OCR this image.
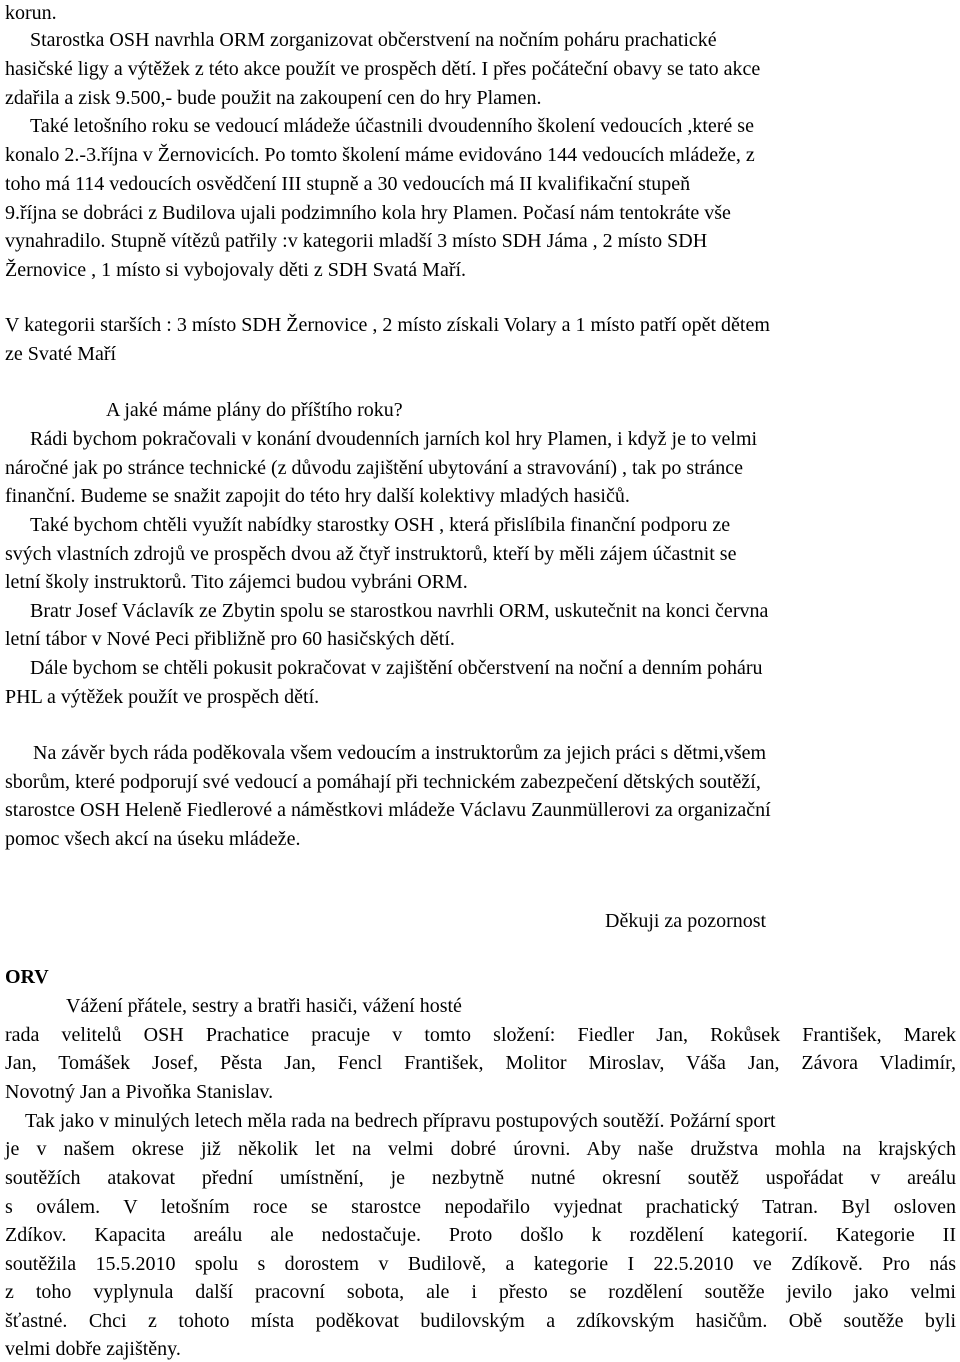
korun.
Starostka OSH navrhla ORM zorganizovat občerstvení na nočním poháru prachatické
hasičské ligy a výtěžek z této akce použít ve prospěch dětí. I přes počáteční obavy se tato akce
zdařila a zisk 9.500,- bude použit na zakoupení cen do hry Plamen.
Také letošního roku se vedoucí mládeže účastnili dvoudenního školení vedoucích ,které se
konalo 2.-3.října v Žernovicích. Po tomto školení máme evidováno 144 vedoucích mládeže, z
toho má 114 vedoucích osvědčení III stupně a 30 vedoucích má II kvalifikační stupeň
9.října se dobráci z Budilova ujali podzimního kola hry Plamen. Počasí nám tentokráte vše
vynahradilo. Stupně vítězů patřily :v kategorii mladší 3 místo SDH Jáma , 2 místo SDH
Žernovice , 1 místo si vybojovaly děti z SDH Svatá Maří.
V kategorii starších : 3 místo SDH Žernovice , 2 místo získali Volary a 1 místo patří opět dětem
ze Svaté Maří
A jaké máme plány do příštího roku?
Rádi bychom pokračovali v konání dvoudenních jarních kol hry Plamen, i když je to velmi
náročné jak po stránce technické (z důvodu zajištění ubytování a stravování) , tak po stránce
finanční. Budeme se snažit zapojit do této hry další kolektivy mladých hasičů.
Také bychom chtěli využít nabídky starostky OSH , která přislíbila finanční podporu ze
svých vlastních zdrojů ve prospěch dvou až čtyř instruktorů, kteří by měli zájem účastnit se
letní školy instruktorů. Tito zájemci budou vybráni ORM.
Bratr Josef Václavík ze Zbytin spolu se starostkou navrhli ORM, uskutečnit na konci června
letní tábor v Nové Peci přibližně pro 60 hasičských dětí.
Dále bychom se chtěli pokusit pokračovat v zajištění občerstvení na noční a denním poháru
PHL a výtěžek použít ve prospěch dětí.
Na závěr bych ráda poděkovala všem vedoucím a instruktorům za jejich práci s dětmi,všem
sborům, které podporují své vedoucí a pomáhají při technickém zabezpečení dětských soutěží,
starostce OSH Heleně Fiedlerové a náměstkovi mládeže Václavu Zaunmüllerovi za organizační
pomoc všech akcí na úseku mládeže.
Děkuji za pozornost
ORV
Vážení přátele, sestry a bratři hasiči, vážení hosté
rada velitelů OSH Prachatice pracuje v tomto složení: Fiedler Jan, Rokůsek František, Marek
Jan, Tomášek Josef, Pěsta Jan, Fencl František, Molitor Miroslav, Váša Jan, Závora Vladimír,
Novotný Jan a Pivoňka Stanislav.
Tak jako v minulých letech měla rada na bedrech přípravu postupových soutěží. Požární sport
je v našem okrese již několik let na velmi dobré úrovni. Aby naše družstva mohla na krajských
soutěžích atakovat přední umístnění, je nezbytně nutné okresní soutěž uspořádat v areálu
s oválem. V letošním roce se starostce nepodařilo vyjednat prachatický Tatran. Byl osloven
Zdíkov. Kapacita areálu ale nedostačuje. Proto došlo k rozdělení kategorií. Kategorie II
soutěžila 15.5.2010 spolu s dorostem v Budilově, a kategorie I 22.5.2010 ve Zdíkově. Pro nás
z toho vyplynula další pracovní sobota, ale i přesto se rozdělení soutěže jevilo jako velmi
šťastné. Chci z tohoto místa poděkovat budilovským a zdíkovským hasičům. Obě soutěže byli
velmi dobře zajištěny.
